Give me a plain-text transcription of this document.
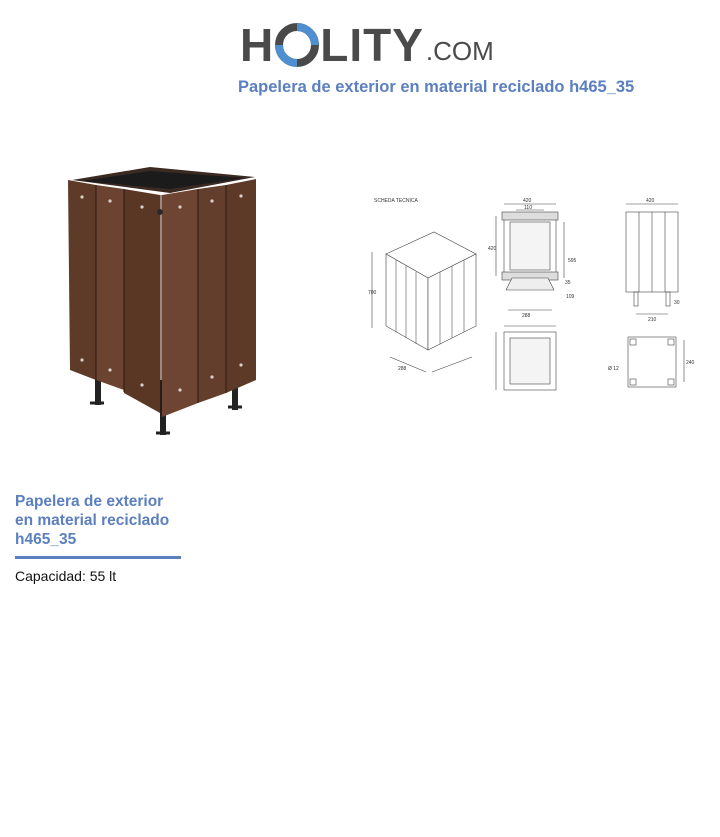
H LITY .COM
Papelera de exterior en material reciclado h465_35
SCHEDA TECNICA
700
288
420
110
420
35
109
595
288
420
30
210
Ø 12
240
Papelera de exterior en material reciclado h465_35
Capacidad: 55 lt
